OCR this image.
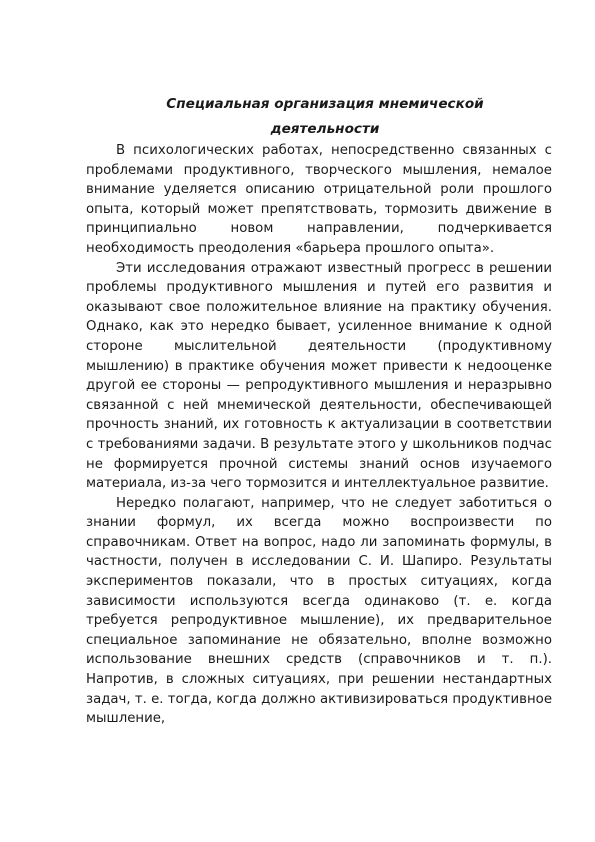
Специальная организация мнемической
деятельности

В психологических работах, непосредственно связанных с проблемами продуктивного, творческого мышления, немалое внимание уделяется описанию отрицательной роли прошлого опыта, который может препятствовать, тормозить движение в принципиально новом направлении, подчеркивается необходимость преодоления «барьера прошлого опыта».

Эти исследования отражают известный прогресс в решении проблемы продуктивного мышления и путей его развития и оказывают свое положительное влияние на практику обучения. Однако, как это нередко бывает, усиленное внимание к одной стороне мыслительной деятельности (продуктивному мышлению) в практике обучения может привести к недооценке другой ее стороны — репродуктивного мышления и неразрывно связанной с ней мнемической деятельности, обеспечивающей прочность знаний, их готовность к актуализации в соответствии с требованиями задачи. В результате этого у школьников подчас не формируется прочной системы знаний основ изучаемого материала, из-за чего тормозится и интеллектуальное развитие.

Нередко полагают, например, что не следует заботиться о знании формул, их всегда можно воспроизвести по справочникам. Ответ на вопрос, надо ли запоминать формулы, в частности, получен в исследовании С. И. Шапиро. Результаты экспериментов показали, что в простых ситуациях, когда зависимости используются всегда одинаково (т. е. когда требуется репродуктивное мышление), их предварительное специальное запоминание не обязательно, вполне возможно использование внешних средств (справочников и т. п.). Напротив, в сложных ситуациях, при решении нестандартных задач, т. е. тогда, когда должно активизироваться продуктивное мышление,
